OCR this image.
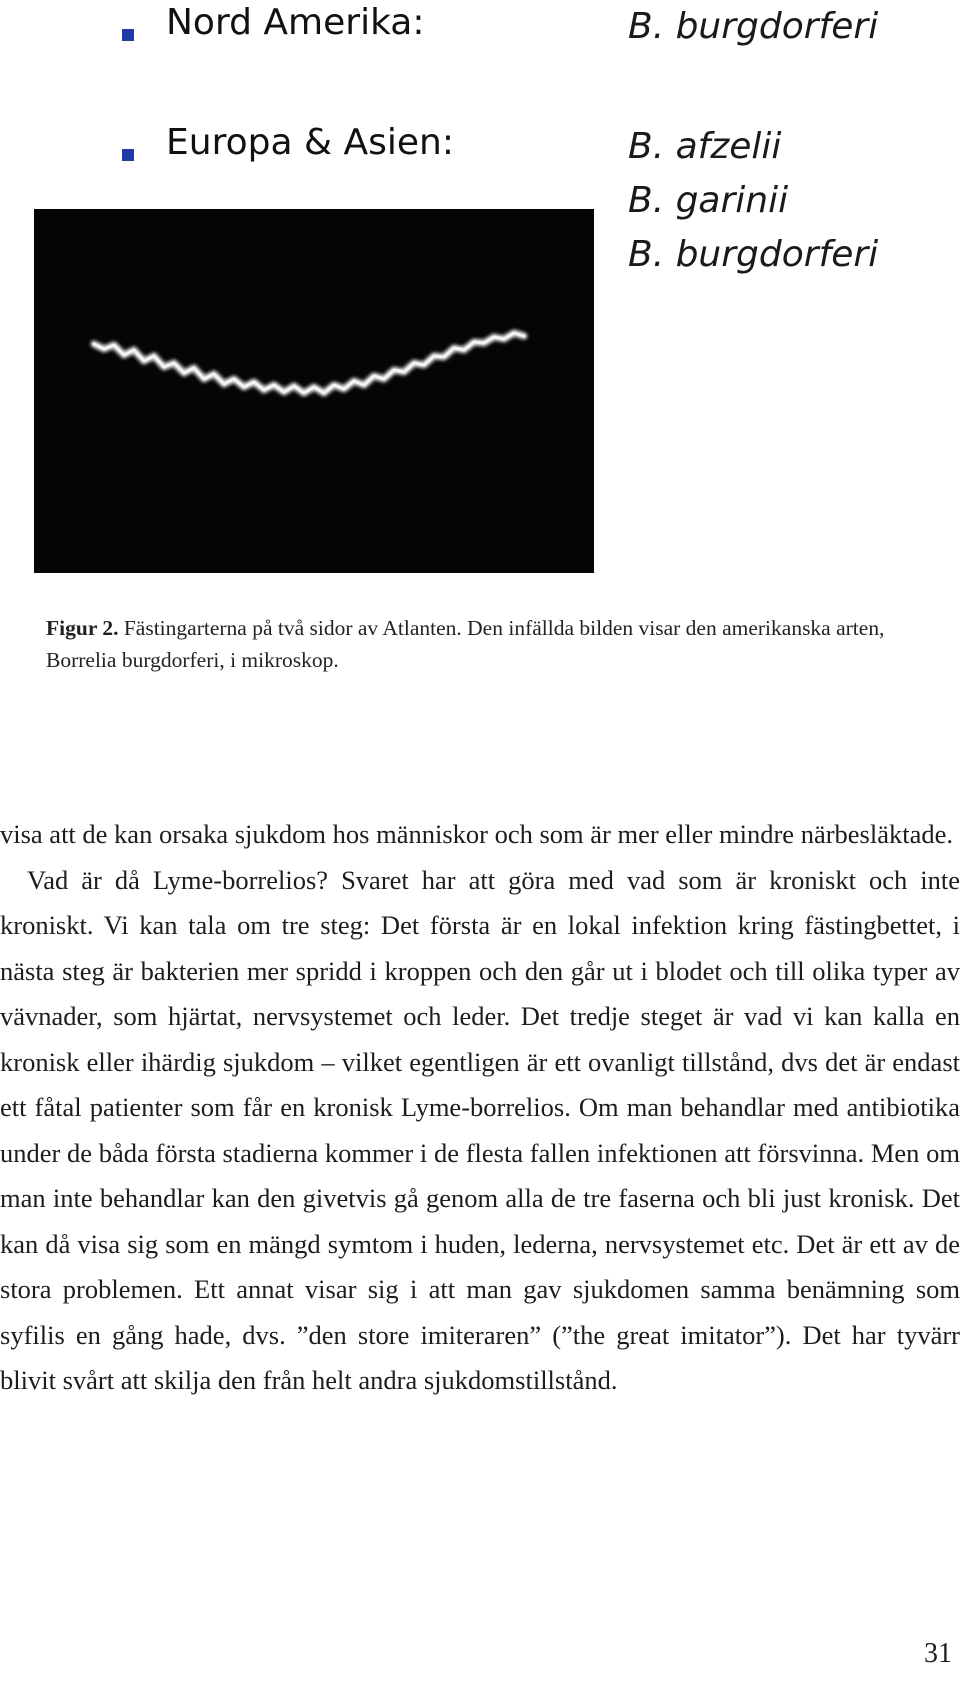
Nord Amerika:	B. burgdorferi
Europa & Asien:	B. afzelii
B. garinii
B. burgdorferi
Figur 2. Fästingarterna på två sidor av Atlanten. Den infällda bilden visar den amerikanska arten, Borrelia burgdorferi, i mikroskop.

visa att de kan orsaka sjukdom hos människor och som är mer eller mindre närbesläktade.

Vad är då Lyme-borrelios? Svaret har att göra med vad som är kroniskt och inte kroniskt. Vi kan tala om tre steg: Det första är en lokal infektion kring fästingbettet, i nästa steg är bakterien mer spridd i kroppen och den går ut i blodet och till olika typer av vävnader, som hjärtat, nervsystemet och leder. Det tredje steget är vad vi kan kalla en kronisk eller ihärdig sjukdom – vilket egentligen är ett ovanligt tillstånd, dvs det är endast ett fåtal patienter som får en kronisk Lyme-borrelios. Om man behandlar med antibiotika under de båda första stadierna kommer i de flesta fallen infektionen att försvinna. Men om man inte behandlar kan den givetvis gå genom alla de tre faserna och bli just kronisk. Det kan då visa sig som en mängd symtom i huden, lederna, nervsystemet etc. Det är ett av de stora problemen. Ett annat visar sig i att man gav sjukdomen samma benämning som syfilis en gång hade, dvs. ”den store imiteraren” (”the great imitator”). Det har tyvärr blivit svårt att skilja den från helt andra sjukdomstillstånd.

31
